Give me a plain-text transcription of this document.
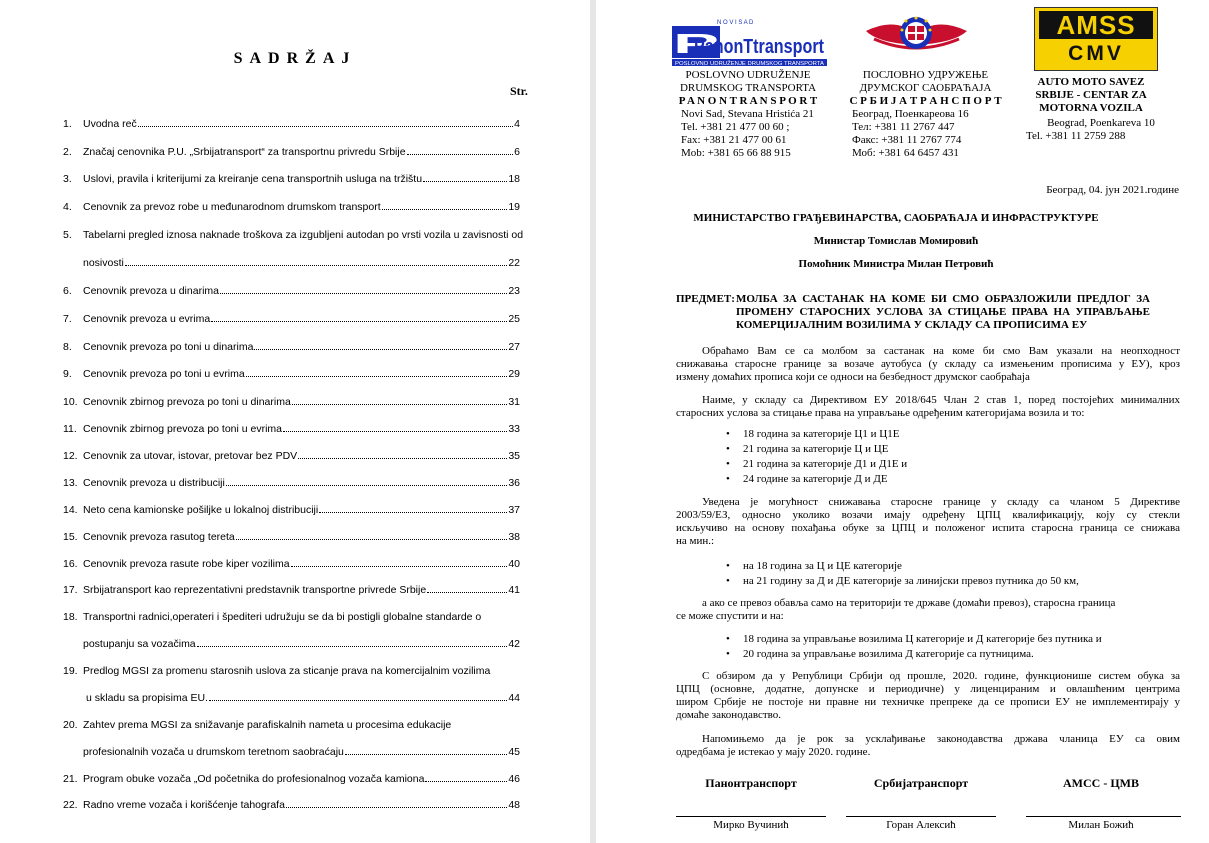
SADRŽAJ
Str.
1. Uvodna reč	4
2. Značaj cenovnika P.U. „Srbijatransport“ za transportnu privredu Srbije	6
3. Uslovi, pravila i kriterijumi za kreiranje cena transportnih usluga na tržištu	18
4. Cenovnik za prevoz robe u međunarodnom drumskom transport	19
5. Tabelarni pregled iznosa naknade troškova za izgubljeni autodan po vrsti vozila u zavisnosti od
nosivosti	22
6. Cenovnik prevoza u dinarima	23
7. Cenovnik prevoza u evrima	25
8. Cenovnik prevoza po toni u dinarima	27
9. Cenovnik prevoza po toni u evrima	29
10. Cenovnik zbirnog prevoza po toni u dinarima	31
11. Cenovnik zbirnog prevoza po toni u evrima	33
12. Cenovnik za utovar, istovar, pretovar bez PDV	35
13. Cenovnik prevoza u distribuciji	36
14. Neto cena kamionske pošiljke u lokalnoj distribuciji	37
15. Cenovnik prevoza rasutog tereta	38
16. Cenovnik prevoza rasute robe kiper vozilima	40
17. Srbijatransport kao reprezentativni predstavnik transportne privrede Srbije	41
18. Transportni radnici,operateri i špediteri udružuju se da bi postigli globalne standarde o
postupanju sa vozačima	42
19. Predlog MGSI za promenu starosnih uslova za sticanje prava na komercijalnim vozilima
u skladu sa propisima EU.	44
20. Zahtev prema MGSI za snižavanje parafiskalnih nameta u procesima edukacije
profesionalnih vozača u drumskom teretnom saobraćaju	45
21. Program obuke vozača „Od početnika do profesionalnog vozača kamiona	46
22. Radno vreme vozača i korišćenje tahografa	48
N O V I S A D
P
PanonTtransport
POSLOVNO UDRUŽENJE DRUMSKOG TRANSPORTA
AMSS
CMV
POSLOVNO UDRUŽENJE
DRUMSKOG TRANSPORTA
P A N O N T R A N S P O R T
Novi Sad, Stevana Hristića 21
Tel. +381 21 477 00 60 ;
Fax: +381 21 477 00 61
Mob: +381 65 66 88 915
ПОСЛОВНО УДРУЖЕЊЕ
ДРУМСКОГ САОБРАЋАЈА
С Р Б И Ј А Т Р А Н С П О Р Т
Београд, Поенкареова 16
Тел: +381 11 2767 447
Факс: +381 11 2767 774
Моб: +381 64 6457 431
AUTO MOTO SAVEZ
SRBIJE - CENTAR ZA
MOTORNA VOZILA
Beograd, Poenkareva 10
Tel. +381 11 2759 288
Београд, 04. јун 2021.године
МИНИСТАРСТВО ГРАЂЕВИНАРСТВА, САОБРАЋАЈА И ИНФРАСТРУКТУРЕ
Министар Томислав Момировић
Помоћник Министра Милан Петровић
ПРЕДМЕТ: МОЛБА ЗА САСТАНАК НА КОМЕ БИ СМО ОБРАЗЛОЖИЛИ ПРЕДЛОГ ЗА
ПРОМЕНУ СТАРОСНИХ УСЛОВА ЗА СТИЦАЊЕ ПРАВА НА УПРАВЉАЊЕ
КОМЕРЦИЈАЛНИМ ВОЗИЛИМА У СКЛАДУ СА ПРОПИСИМА ЕУ
Обраћамо Вам се са молбом за састанак на коме би смо Вам указали на неопходност
снижавања старосне границе за возаче аутобуса (у складу са измењеним прописима у ЕУ), кроз
измену домаћих прописа који се односи на безбедност друмског саобраћаја
Наиме, у складу са Директивом ЕУ 2018/645 Члан 2 став 1, поред постојећих минималних
старосних услова за стицање права на управљање одређеним категоријама возила и то:
• 18 година за категорије Ц1 и Ц1Е
• 21 година за категорије Ц и ЦЕ
• 21 година за категорије Д1 и Д1Е и
• 24 године за категорије Д и ДЕ
Уведена је могућност снижавања старосне границе у складу са чланом 5 Директиве
2003/59/ЕЗ, односно уколико возачи имају одређену ЦПЦ квалификацију, коју су стекли
искључиво на основу похађања обуке за ЦПЦ и положеног испита старосна граница се снижава
на мин.:
• на 18 година за Ц и ЦЕ категорије
• на 21 годину за Д и ДЕ категорије за линијски превоз путника до 50 км,
а ако се превоз обавља само на територији те државе (домаћи превоз), старосна граница
се може спустити и на:
• 18 година за управљање возилима Ц категорије и Д категорије без путника и
• 20 година за управљање возилима Д категорије са путницима.
С обзиром да у Републици Србији од прошле, 2020. године, функционише систем обука за
ЦПЦ (основне, додатне, допунске и периодичне) у лиценцираним и овлашћеним центрима
широм Србије не постоје ни правне ни техничке препреке да се прописи ЕУ не имплементирају у
домаће законодавство.
Напомињемо да је рок за усклађивање законодавства држава чланица ЕУ са овим
одредбама је истекао у мају 2020. године.
Панонтранспорт	Србијатранспорт	АМСС - ЦМВ
Мирко Вучинић	Горан Алексић	Милан Божић
